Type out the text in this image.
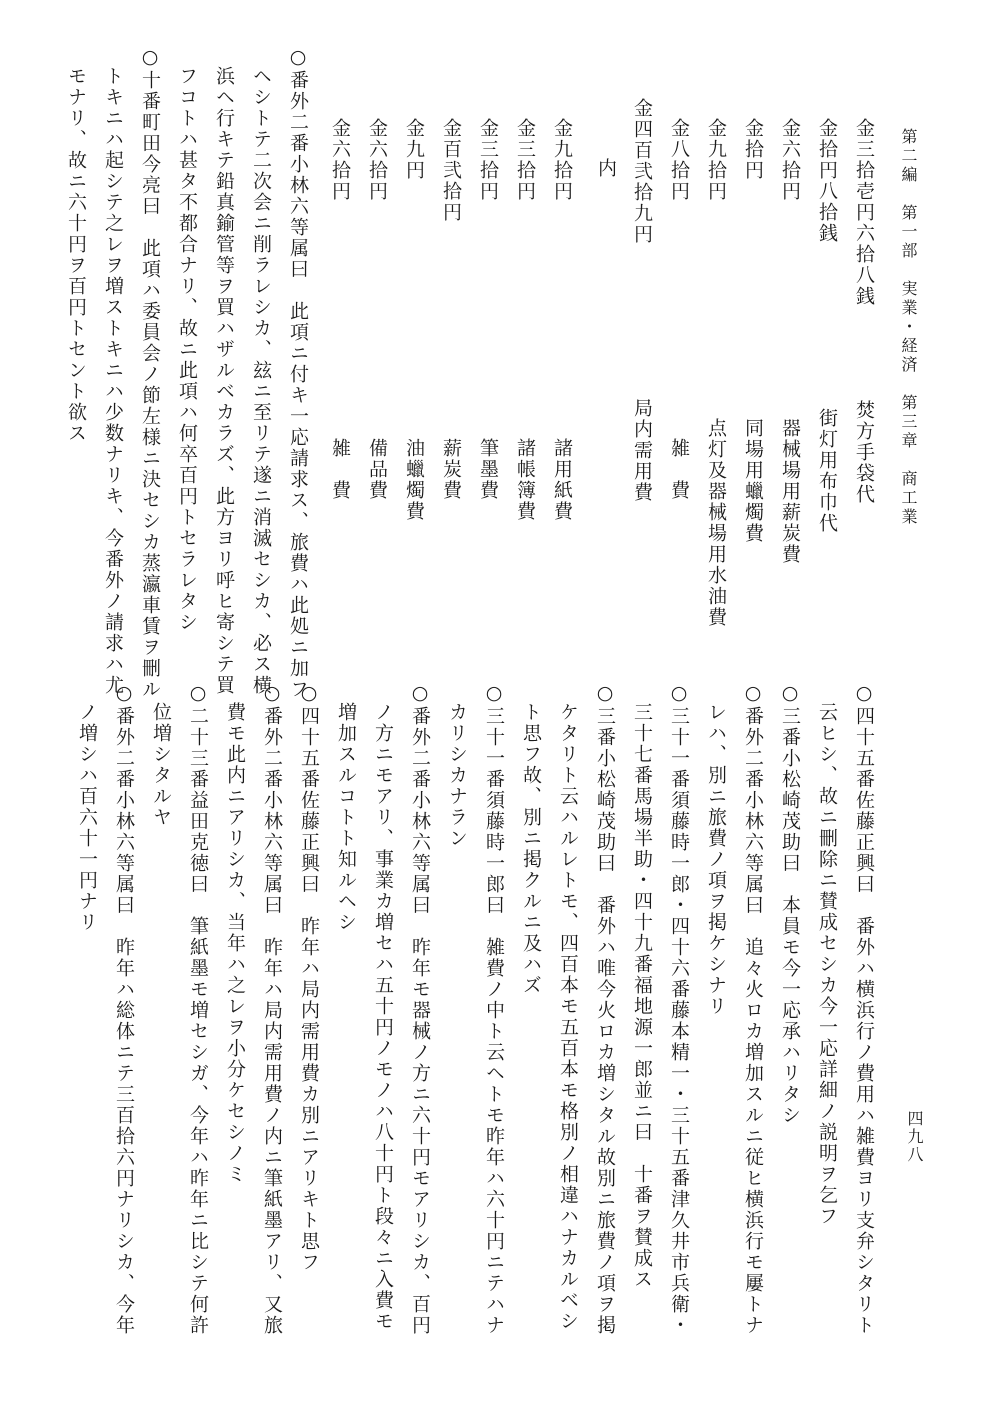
第二編　第一部　実業・経済　第三章　商工業
四九八
金三拾壱円六拾八銭
金拾円八拾銭
金六拾円
金拾円
金九拾円
金八拾円
金四百弐拾九円
内
金九拾円
金三拾円
金三拾円
金百弐拾円
金九円
金六拾円
金六拾円
焚方手袋代
街灯用布巾代
器械場用薪炭費
同場用蠟燭費
点灯及器械場用水油費
雑　費
局内需用費
諸用紙費
諸帳簿費
筆墨費
薪炭費
油蠟燭費
備品費
雑　費
○番外二番小林六等属曰　此項ニ付キ一応請求ス、旅費ハ此処ニ加フ
ヘシトテ二次会ニ削ラレシカ、玆ニ至リテ遂ニ消滅セシカ、必ス横
浜ヘ行キテ鉛真鍮管等ヲ買ハザルベカラズ、此方ヨリ呼ヒ寄シテ買
フコトハ甚タ不都合ナリ、故ニ此項ハ何卒百円トセラレタシ
○十番町田今亮曰　此項ハ委員会ノ節左様ニ決セシカ蒸瀛車賃ヲ刪ル
トキニハ起シテ之レヲ増ストキニハ少数ナリキ、今番外ノ請求ハ尤
モナリ、故ニ六十円ヲ百円トセント欲ス
○四十五番佐藤正興曰　番外ハ横浜行ノ費用ハ雑費ヨリ支弁シタリト
云ヒシ、故ニ刪除ニ賛成セシカ今一応詳細ノ説明ヲ乞フ
○三番小松崎茂助曰　本員モ今一応承ハリタシ
○番外二番小林六等属曰　追々火ロカ増加スルニ従ヒ横浜行モ屢トナ
レハ、別ニ旅費ノ項ヲ掲ケシナリ
○三十一番須藤時一郎・四十六番藤本精一・三十五番津久井市兵衛・
三十七番馬場半助・四十九番福地源一郎並ニ曰　十番ヲ賛成ス
○三番小松崎茂助曰　番外ハ唯今火ロカ増シタル故別ニ旅費ノ項ヲ掲
ケタリト云ハルレトモ、四百本モ五百本モ格別ノ相違ハナカルベシ
ト思フ故、別ニ掲クルニ及ハズ
○三十一番須藤時一郎曰　雑費ノ中ト云ヘトモ昨年ハ六十円ニテハナ
カリシカナラン
○番外二番小林六等属曰　昨年モ器械ノ方ニ六十円モアリシカ、百円
ノ方ニモアリ、事業カ増セハ五十円ノモノハ八十円ト段々ニ入費モ
増加スルコトト知ルヘシ
○四十五番佐藤正興曰　昨年ハ局内需用費カ別ニアリキト思フ
○番外二番小林六等属曰　昨年ハ局内需用費ノ内ニ筆紙墨アリ、又旅
費モ此内ニアリシカ、当年ハ之レヲ小分ケセシノミ
○二十三番益田克徳曰　筆紙墨モ増セシガ、今年ハ昨年ニ比シテ何許
位増シタルヤ
○番外二番小林六等属曰　昨年ハ総体ニテ三百拾六円ナリシカ、今年
ノ増シハ百六十一円ナリ
